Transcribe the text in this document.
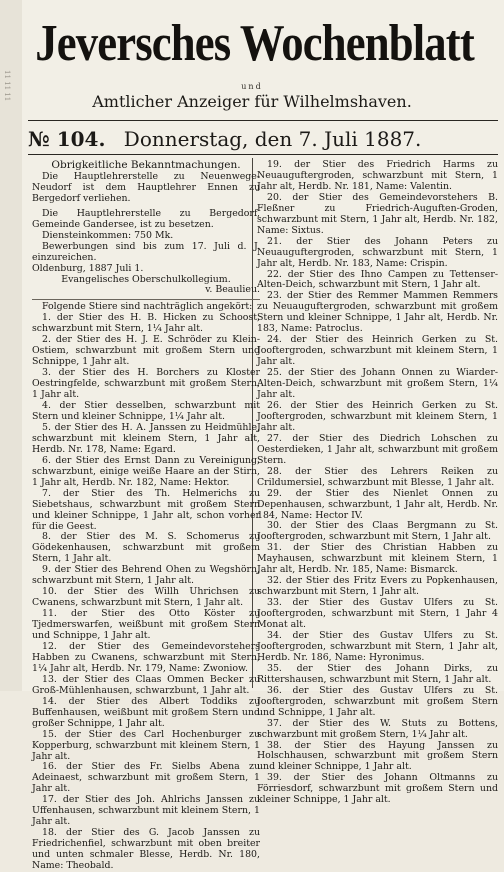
11 11 11
Jeversches Wochenblatt
und
Amtlicher Anzeiger für Wilhelmshaven.
№ 104. Donnerstag, den 7. Juli 1887.

Obrigkeitliche Bekanntmachungen.

Die Hauptlehrerstelle zu Neuenwege-Neudorf ist dem Hauptlehrer Ennen zu Bergedorf verliehen.

Die Hauptlehrerstelle zu Bergedorf, Gemeinde Gandersee, ist zu besetzen.

Diensteinkommen: 750 Mk.

Bewerbungen sind bis zum 17. Juli d. J. einzureichen.

Oldenburg, 1887 Juli 1.

Evangelisches Oberschulkollegium.

v. Beaulieu.

Folgende Stiere sind nachträglich angekört:

1. der Stier des H. B. Hicken zu Schoost, schwarzbunt mit Stern, 1¼ Jahr alt.

2. der Stier des H. J. E. Schröder zu Klein-Ostiem, schwarzbunt mit großem Stern und Schnippe, 1 Jahr alt.

3. der Stier des H. Borchers zu Kloster Oestringfelde, schwarzbunt mit großem Stern, 1 Jahr alt.

4. der Stier desselben, schwarzbunt mit Stern und kleiner Schnippe, 1¼ Jahr alt.

5. der Stier des H. A. Janssen zu Heidmühle, schwarzbunt mit kleinem Stern, 1 Jahr alt, Herdb. Nr. 178, Name: Egard.

6. der Stier des Ernst Dann zu Vereinigung, schwarzbunt, einige weiße Haare an der Stirn, 1 Jahr alt, Herdb. Nr. 182, Name: Hektor.

7. der Stier des Th. Helmerichs zu Siebetshaus, schwarzbunt mit großem Stern und kleiner Schnippe, 1 Jahr alt, schon vorher für die Geest.

8. der Stier des M. S. Schomerus zu Gödekenhausen, schwarzbunt mit großem Stern, 1 Jahr alt.

9. der Stier des Behrend Ohen zu Wegshörn, schwarzbunt mit Stern, 1 Jahr alt.

10. der Stier des Willh Uhrichsen zu Cwanens, schwarzbunt mit Stern, 1 Jahr alt.

11. der Stier des Otto Köster zu Tjedmerswarfen, weißbunt mit großem Stern und Schnippe, 1 Jahr alt.

12. der Stier des Gemeindevorstehers Habben zu Cwanens, schwarzbunt mit Stern, 1¼ Jahr alt, Herdb. Nr. 179, Name: Zwoniow.

13. der Stier des Claas Ommen Becker zu Groß-Mühlenhausen, schwarzbunt, 1 Jahr alt.

14. der Stier des Albert Toddiks zu Buffenhausen, weißbunt mit großem Stern und großer Schnippe, 1 Jahr alt.

15. der Stier des Carl Hochenburger zu Kopperburg, schwarzbunt mit kleinem Stern, 1 Jahr alt.

16. der Stier des Fr. Sielbs Abena zu Adeinaest, schwarzbunt mit großem Stern, 1 Jahr alt.

17. der Stier des Joh. Ahlrichs Janssen zu Uffenhausen, schwarzbunt mit kleinem Stern, 1 Jahr alt.

18. der Stier des G. Jacob Janssen zu Friedrichenfiel, schwarzbunt mit oben breiter und unten schmaler Blesse, Herdb. Nr. 180, Name: Theobald.

19. der Stier des Friedrich Harms zu Neuauguftergroden, schwarzbunt mit Stern, 1 Jahr alt, Herdb. Nr. 181, Name: Valentin.

20. der Stier des Gemeindevorstehers B. Fleßner zu Friedrich-Auguften-Groden, schwarzbunt mit Stern, 1 Jahr alt, Herdb. Nr. 182, Name: Sixtus.

21. der Stier des Johann Peters zu Neuauguftergroden, schwarzbunt mit Stern, 1 Jahr alt, Herdb. Nr. 183, Name: Crispin.

22. der Stier des Ihno Campen zu Tettenser-Alten-Deich, schwarzbunt mit Stern, 1 Jahr alt.

23. der Stier des Remmer Mammen Remmers zu Neuauguftergroden, schwarzbunt mit großem Stern und kleiner Schnippe, 1 Jahr alt, Herdb. Nr. 183, Name: Patroclus.

24. der Stier des Heinrich Gerken zu St. Jooftergroden, schwarzbunt mit kleinem Stern, 1 Jahr alt.

25. der Stier des Johann Onnen zu Wiarder-Alten-Deich, schwarzbunt mit großem Stern, 1¼ Jahr alt.

26. der Stier des Heinrich Gerken zu St. Jooftergroden, schwarzbunt mit kleinem Stern, 1 Jahr alt.

27. der Stier des Diedrich Lohschen zu Oesterdieken, 1 Jahr alt, schwarzbunt mit großem Stern.

28. der Stier des Lehrers Reiken zu Crildumersiel, schwarzbunt mit Blesse, 1 Jahr alt.

29. der Stier des Nienlet Onnen zu Depenhausen, schwarzbunt, 1 Jahr alt, Herdb. Nr. 184, Name: Hector IV.

30. der Stier des Claas Bergmann zu St. Jooftergroden, schwarzbunt mit Stern, 1 Jahr alt.

31. der Stier des Christian Habben zu Mayhausen, schwarzbunt mit kleinem Stern, 1 Jahr alt, Herdb. Nr. 185, Name: Bismarck.

32. der Stier des Fritz Evers zu Popkenhausen, schwarzbunt mit Stern, 1 Jahr alt.

33. der Stier des Gustav Ulfers zu St. Jooftergroden, schwarzbunt mit Stern, 1 Jahr 4 Monat alt.

34. der Stier des Gustav Ulfers zu St. Jooftergroden, schwarzbunt mit Stern, 1 Jahr alt, Herdb. Nr. 186, Name: Hyronimus.

35. der Stier des Johann Dirks, zu Rittershausen, schwarzbunt mit Stern, 1 Jahr alt.

36. der Stier des Gustav Ulfers zu St. Jooftergroden, schwarzbunt mit großem Stern und Schnippe, 1 Jahr alt.

37. der Stier des W. Stuts zu Bottens, schwarzbunt mit großem Stern, 1¼ Jahr alt.

38. der Stier des Hayung Janssen zu Holschhausen, schwarzbunt mit großem Stern und kleiner Schnippe, 1 Jahr alt.

39. der Stier des Johann Oltmanns zu Förriesdorf, schwarzbunt mit großem Stern und kleiner Schnippe, 1 Jahr alt.
